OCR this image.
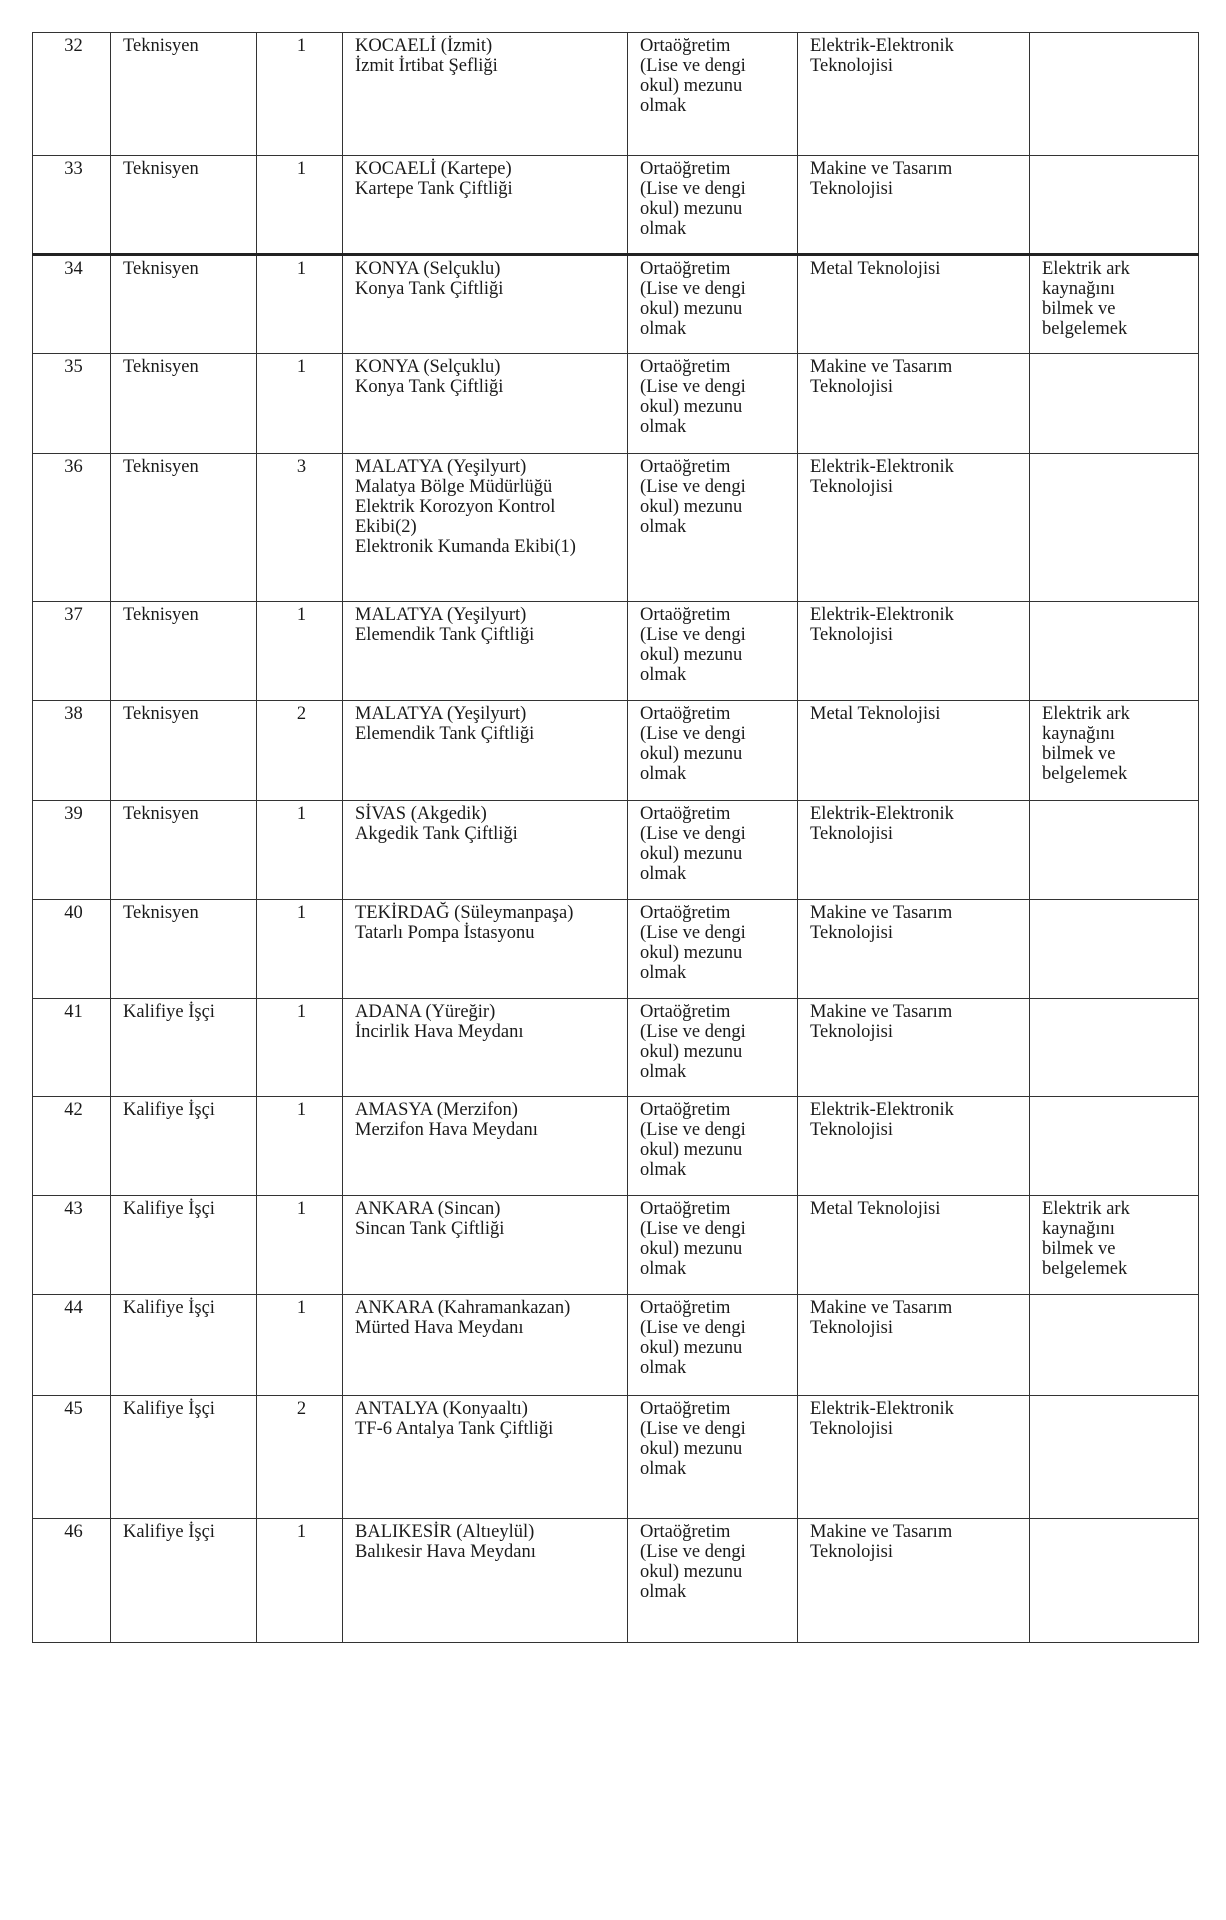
32	Teknisyen	1	KOCAELİ (İzmit)
İzmit İrtibat Şefliği	Ortaöğretim
(Lise ve dengi
okul) mezunu
olmak	Elektrik-Elektronik
Teknolojisi	
33	Teknisyen	1	KOCAELİ (Kartepe)
Kartepe Tank Çiftliği	Ortaöğretim
(Lise ve dengi
okul) mezunu
olmak	Makine ve Tasarım
Teknolojisi	
34	Teknisyen	1	KONYA (Selçuklu)
Konya Tank Çiftliği	Ortaöğretim
(Lise ve dengi
okul) mezunu
olmak	Metal Teknolojisi	Elektrik ark
kaynağını
bilmek ve
belgelemek
35	Teknisyen	1	KONYA (Selçuklu)
Konya Tank Çiftliği	Ortaöğretim
(Lise ve dengi
okul) mezunu
olmak	Makine ve Tasarım
Teknolojisi	
36	Teknisyen	3	MALATYA (Yeşilyurt)
Malatya Bölge Müdürlüğü
Elektrik Korozyon Kontrol
Ekibi(2)
Elektronik Kumanda Ekibi(1)	Ortaöğretim
(Lise ve dengi
okul) mezunu
olmak	Elektrik-Elektronik
Teknolojisi	
37	Teknisyen	1	MALATYA (Yeşilyurt)
Elemendik Tank Çiftliği	Ortaöğretim
(Lise ve dengi
okul) mezunu
olmak	Elektrik-Elektronik
Teknolojisi	
38	Teknisyen	2	MALATYA (Yeşilyurt)
Elemendik Tank Çiftliği	Ortaöğretim
(Lise ve dengi
okul) mezunu
olmak	Metal Teknolojisi	Elektrik ark
kaynağını
bilmek ve
belgelemek
39	Teknisyen	1	SİVAS (Akgedik)
Akgedik Tank Çiftliği	Ortaöğretim
(Lise ve dengi
okul) mezunu
olmak	Elektrik-Elektronik
Teknolojisi	
40	Teknisyen	1	TEKİRDAĞ (Süleymanpaşa)
Tatarlı Pompa İstasyonu	Ortaöğretim
(Lise ve dengi
okul) mezunu
olmak	Makine ve Tasarım
Teknolojisi	
41	Kalifiye İşçi	1	ADANA (Yüreğir)
İncirlik Hava Meydanı	Ortaöğretim
(Lise ve dengi
okul) mezunu
olmak	Makine ve Tasarım
Teknolojisi	
42	Kalifiye İşçi	1	AMASYA (Merzifon)
Merzifon Hava Meydanı	Ortaöğretim
(Lise ve dengi
okul) mezunu
olmak	Elektrik-Elektronik
Teknolojisi	
43	Kalifiye İşçi	1	ANKARA (Sincan)
Sincan Tank Çiftliği	Ortaöğretim
(Lise ve dengi
okul) mezunu
olmak	Metal Teknolojisi	Elektrik ark
kaynağını
bilmek ve
belgelemek
44	Kalifiye İşçi	1	ANKARA (Kahramankazan)
Mürted Hava Meydanı	Ortaöğretim
(Lise ve dengi
okul) mezunu
olmak	Makine ve Tasarım
Teknolojisi	
45	Kalifiye İşçi	2	ANTALYA (Konyaaltı)
TF-6 Antalya Tank Çiftliği	Ortaöğretim
(Lise ve dengi
okul) mezunu
olmak	Elektrik-Elektronik
Teknolojisi	
46	Kalifiye İşçi	1	BALIKESİR (Altıeylül)
Balıkesir Hava Meydanı	Ortaöğretim
(Lise ve dengi
okul) mezunu
olmak	Makine ve Tasarım
Teknolojisi	
